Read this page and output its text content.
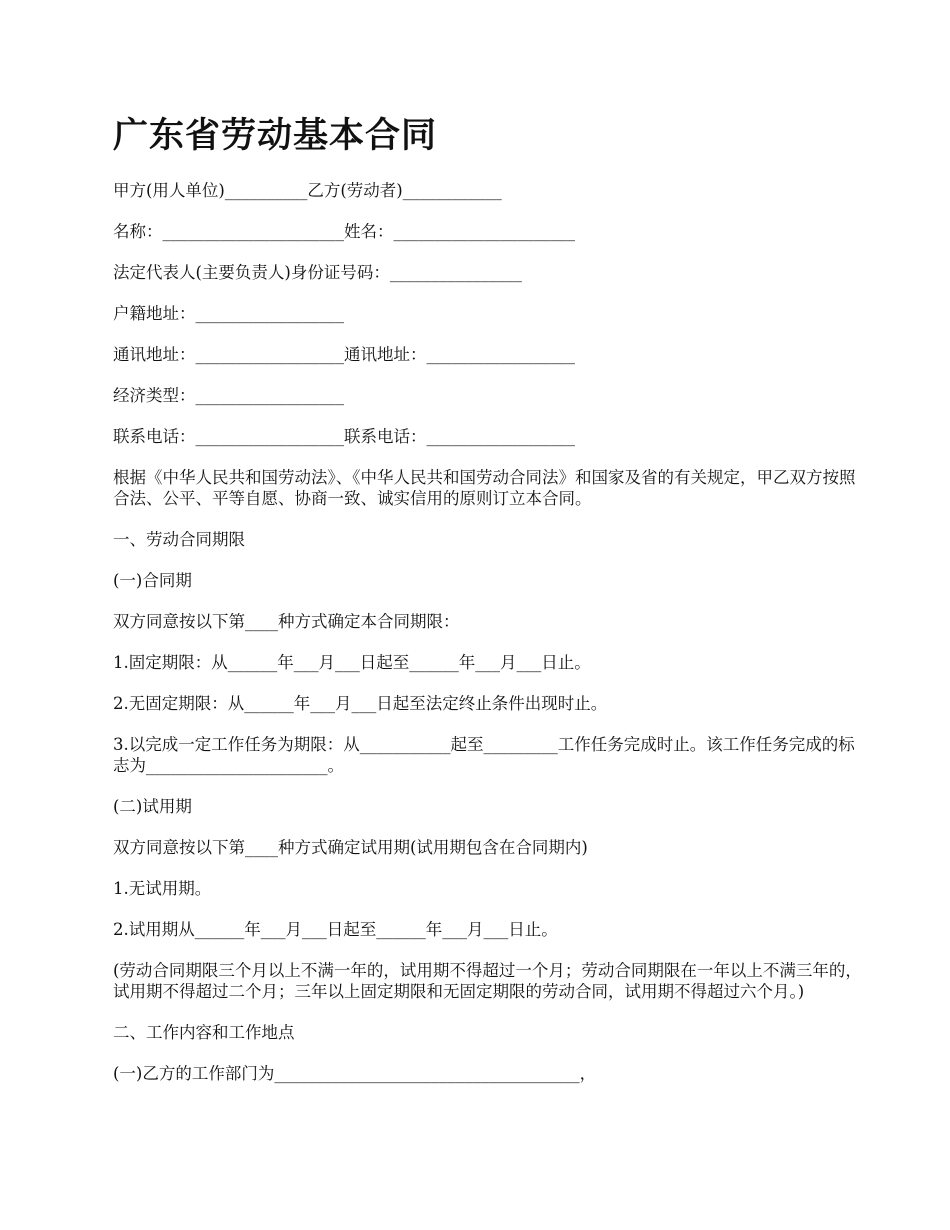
广东省劳动基本合同

甲方(用人单位)__________乙方(劳动者)____________

名称：______________________姓名：______________________

法定代表人(主要负责人)身份证号码：________________

户籍地址：__________________

通讯地址：__________________通讯地址：__________________

经济类型：__________________

联系电话：__________________联系电话：__________________

根据《中华人民共和国劳动法》、《中华人民共和国劳动合同法》和国家及省的有关规定，甲乙双方按照合法、公平、平等自愿、协商一致、诚实信用的原则订立本合同。

一、劳动合同期限

(一)合同期

双方同意按以下第____种方式确定本合同期限：

1.固定期限：从______年___月___日起至______年___月___日止。

2.无固定期限：从______年___月___日起至法定终止条件出现时止。

3.以完成一定工作任务为期限：从___________起至_________工作任务完成时止。该工作任务完成的标志为______________________。

(二)试用期

双方同意按以下第____种方式确定试用期(试用期包含在合同期内)

1.无试用期。

2.试用期从______年___月___日起至______年___月___日止。

(劳动合同期限三个月以上不满一年的，试用期不得超过一个月；劳动合同期限在一年以上不满三年的，试用期不得超过二个月；三年以上固定期限和无固定期限的劳动合同，试用期不得超过六个月。)

二、工作内容和工作地点

(一)乙方的工作部门为_____________________________________，
